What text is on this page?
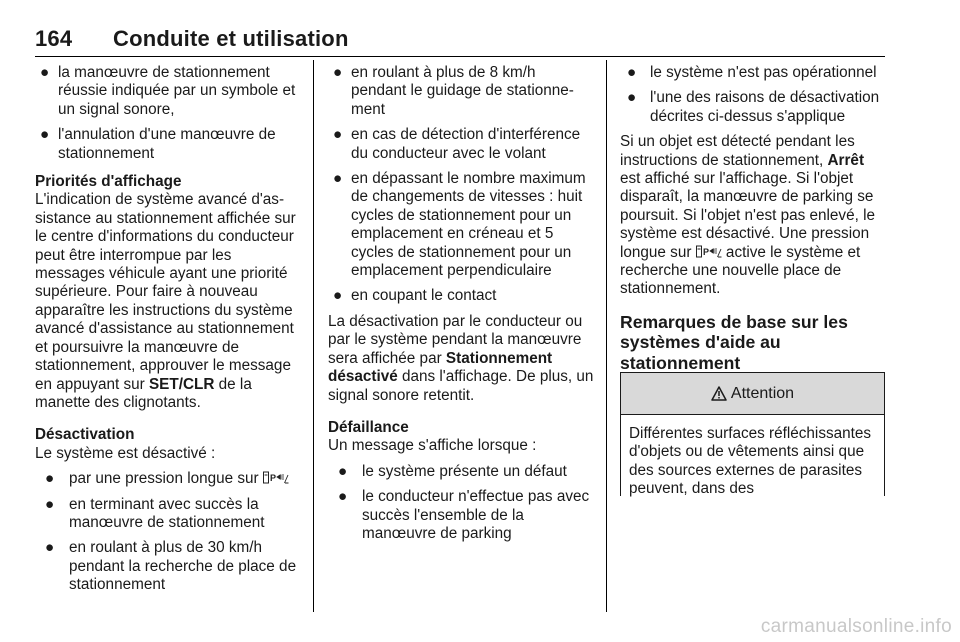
164 Conduite et utilisation
● la manœuvre de stationnement réussie indiquée par un symbole et un signal sonore,
● l'annulation d'une manœuvre de stationnement
Priorités d'affichage
L'indication de système avancé d'assistance au stationnement affichée sur le centre d'informations du conducteur peut être interrompue par les messages véhicule ayant une priorité supérieure. Pour faire à nouveau apparaître les instructions du système avancé d'assistance au stationnement et poursuivre la manœuvre de stationnement, approuver le message en appuyant sur SET/CLR de la manette des clignotants.
Désactivation
Le système est désactivé :
● par une pression longue sur P
● en terminant avec succès la manœuvre de stationnement
● en roulant à plus de 30 km/h pendant la recherche de place de stationnement
● en roulant à plus de 8 km/h pendant le guidage de stationnement
● en cas de détection d'interférence du conducteur avec le volant
● en dépassant le nombre maximum de changements de vitesses : huit cycles de stationnement pour un emplacement en créneau et 5 cycles de stationnement pour un emplacement perpendiculaire
● en coupant le contact
La désactivation par le conducteur ou par le système pendant la manœuvre sera affichée par Stationnement désactivé dans l'affichage. De plus, un signal sonore retentit.
Défaillance
Un message s'affiche lorsque :
● le système présente un défaut
● le conducteur n'effectue pas avec succès l'ensemble de la manœuvre de parking
● le système n'est pas opérationnel
● l'une des raisons de désactivation décrites ci-dessus s'applique
Si un objet est détecté pendant les instructions de stationnement, Arrêt est affiché sur l'affichage. Si l'objet disparaît, la manœuvre de parking se poursuit. Si l'objet n'est pas enlevé, le système est désactivé. Une pression longue sur P active le système et recherche une nouvelle place de stationnement.
Remarques de base sur les systèmes d'aide au stationnement
Attention
Différentes surfaces réfléchissantes d'objets ou de vêtements ainsi que des sources externes de parasites peuvent, dans des
carmanualsonline.info
